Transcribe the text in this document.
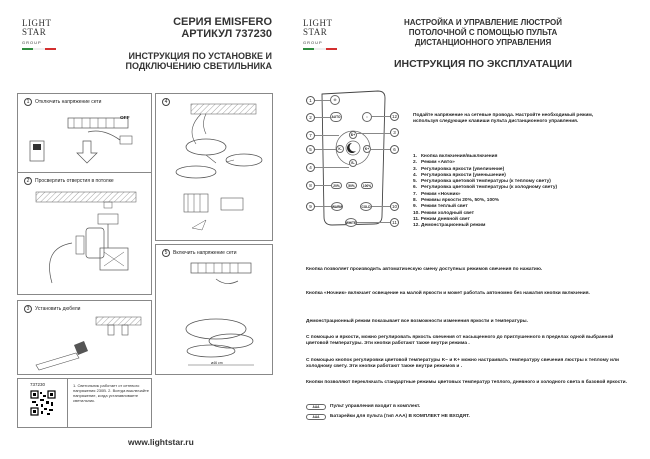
LIGHT
STAR
GROUP
СЕРИЯ EMISFERO
АРТИКУЛ 737230
ИНСТРУКЦИЯ ПО УСТАНОВКЕ И ПОДКЛЮЧЕНИЮ СВЕТИЛЬНИКА
1	Отключить напряжение сети
OFF
2	Просверлить отверстия в потолке
3	Установить дюбели
4
5	Включить напряжение сети
ø46 cm
737230	1. Светильник работает от сетевого напряжения 230В. 2. Всегда выключайте напряжение, когда устанавливаете светильник.
www.lightstar.ru
LIGHT
STAR
GROUP
НАСТРОЙКА И УПРАВЛЕНИЕ ЛЮСТРОЙ ПОТОЛОЧНОЙ С ПОМОЩЬЮ ПУЛЬТА ДИСТАНЦИОННОГО УПРАВЛЕНИЯ
ИНСТРУКЦИЯ ПО ЭКСПЛУАТАЦИИ
⏻
AUTO	☼
Б+
Б-
K-	K+
20%	50%	100%
WARM	COLD
WHITE
1
2	12
3
7
6
5
4
8
9	10
11
Подайте напряжение на сетевые провода. Настройте необходимый режим, используя следующие клавиши пульта дистанционного управления.
1.   Кнопка включения/выключения
2.   Режим «Авто»
3.   Регулировка яркости (увеличение)
4.   Регулировка яркости (уменьшение)
5.   Регулировка цветовой температуры (к теплому свету)
6.   Регулировка цветовой температуры (к холодному свету)
7.   Режим «Ночник»
8.   Режимы яркости 20%, 50%, 100%
9.   Режим теплый свет
10. Режим холодный свет
11. Режим дневной свет
12. Демонстрационный режим
Кнопка позволяет производить автоматическую смену доступных режимов свечения по нажатию.
Кнопка «Ночник» включает освещение на малой яркости и может работать автономно без нажатия кнопки включения.
Демонстрационный режим показывает все возможности изменения яркости и температуры.
С помощью и яркости, можно регулировать яркость свечения от насыщенного до приглушенного в пределах одной выбранной цветовой температуры. Эти кнопки работают также внутри режима .
С помощью кнопок регулировки цветовой температуры K− и K+ можно настраивать температуру свечения люстры к теплому или холодному свету. Эти кнопки работают также внутри режимов и .
Кнопки позволяют переключать стандартные режимы цветовых температур теплого, дневного и холодного света в базовой яркости.
AAA	Пульт управления входит в комплект.
AAA	Батарейки для пульта (тип AAA) В КОМПЛЕКТ НЕ ВХОДЯТ.
